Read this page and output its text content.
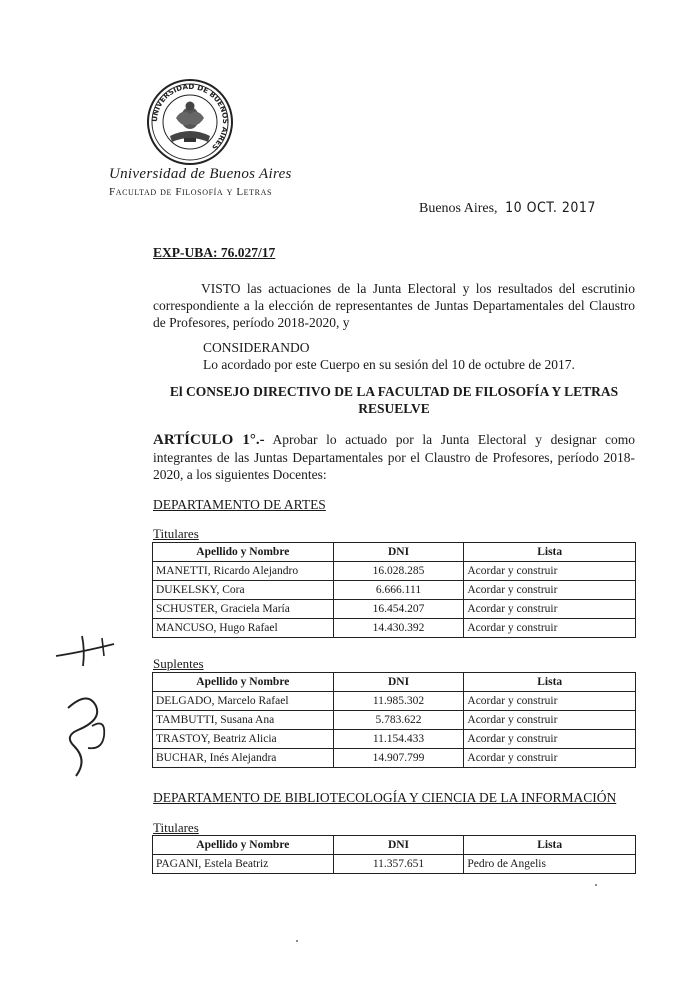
UNIVERSIDAD DE BUENOS AIRES
Universidad de Buenos Aires
Facultad de Filosofía y Letras
Buenos Aires, 10 OCT. 2017
EXP-UBA: 76.027/17
VISTO las actuaciones de la Junta Electoral y los resultados del escrutinio correspondiente a la elección de representantes de Juntas Departamentales del Claustro de Profesores, período 2018-2020, y
CONSIDERANDO
Lo acordado por este Cuerpo en su sesión del 10 de octubre de 2017.
El CONSEJO DIRECTIVO DE LA FACULTAD DE FILOSOFÍA Y LETRAS
RESUELVE
ARTÍCULO 1°.- Aprobar lo actuado por la Junta Electoral y designar como integrantes de las Juntas Departamentales por el Claustro de Profesores, período 2018-2020, a los siguientes Docentes:
DEPARTAMENTO DE ARTES
Titulares
Apellido y Nombre	DNI	Lista
MANETTI, Ricardo Alejandro	16.028.285	Acordar y construir
DUKELSKY, Cora	6.666.111	Acordar y construir
SCHUSTER, Graciela María	16.454.207	Acordar y construir
MANCUSO, Hugo Rafael	14.430.392	Acordar y construir
Suplentes
Apellido y Nombre	DNI	Lista
DELGADO, Marcelo Rafael	11.985.302	Acordar y construir
TAMBUTTI, Susana Ana	5.783.622	Acordar y construir
TRASTOY, Beatriz Alicia	11.154.433	Acordar y construir
BUCHAR, Inés Alejandra	14.907.799	Acordar y construir
DEPARTAMENTO DE BIBLIOTECOLOGÍA Y CIENCIA DE LA INFORMACIÓN
Titulares
Apellido y Nombre	DNI	Lista
PAGANI, Estela Beatriz	11.357.651	Pedro de Angelis
